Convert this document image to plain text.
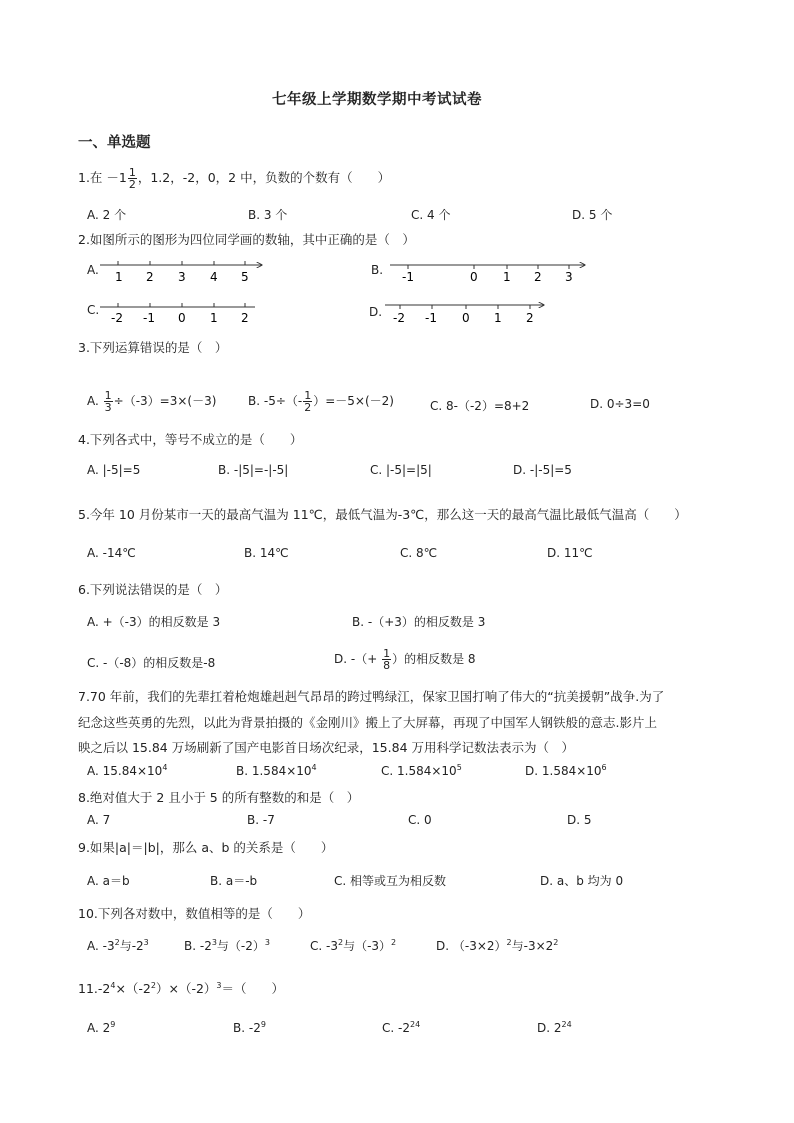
七年级上学期数学期中考试试卷
一、单选题
1.在 $-1 \frac{1}{2}$ ，1.2，-2，0，2 中，负数的个数有（　　）
A. 2 个	B. 3 个	C. 4 个	D. 5 个
2.如图所示的图形为四位同学画的数轴，其中正确的是（　）
A. 1 2 3 4 5	B. -1	0 1 2 3
C.
-2 -1 0 1 2	D. -2 -1 0 1 2
3.下列运算错误的是（　）
A. $\frac{1}{3} \div(-3)=3\times(-3)$	B. $-5\div(- \frac{1}{2} )=-5\times(-2)$	C. 8-（-2）=8+2	D. 0÷3=0
4.下列各式中，等号不成立的是（　　）
A. |-5|=5	B. -|5|=-|-5|	C. |-5|=|5|	D. -|-5|=5
5.今年 10 月份某市一天的最高气温为 11℃，最低气温为-3℃，那么这一天的最高气温比最低气温高（　　）
A. -14℃	B. 14℃	C. 8℃	D. 11℃
6.下列说法错误的是（　）
A. +（-3）的相反数是 3	B. -（+3）的相反数是 3
C. -（-8）的相反数是-8	D. -（+ $\frac{1}{8}$ ）的相反数是 8
7.70 年前，我们的先辈扛着枪炮雄赳赳气昂昂的跨过鸭绿江，保家卫国打响了伟大的“抗美援朝”战争.为了
纪念这些英勇的先烈，以此为背景拍摄的《金刚川》搬上了大屏幕，再现了中国军人钢铁般的意志.影片上
映之后以 15.84 万场刷新了国产电影首日场次纪录，15.84 万用科学记数法表示为（　）
A. $15.84\times 10^4$	B. $1.584\times 10^4$	C. $1.584\times 10^5$	D. $1.584\times 10^6$
8.绝对值大于 2 且小于 5 的所有整数的和是（　）
A. 7	B. -7	C. 0	D. 5
9.如果|a|＝|b|，那么 a、b 的关系是（　　）
A. a＝b	B. a＝-b	C. 相等或互为相反数	D. a、b 均为 0
10.下列各对数中，数值相等的是（　　）
A. $-3^2$与$-2^3$	B. $-2^3$与$(-2)^3$	C. $-3^2$与$(-3)^2$	D. $(-3\times 2)^2$与$-3\times 2^2$
$11.-2^4\times(-2^2)\times(-2)^3=$（　　）
A. $2^9$	B. $-2^9$	C. $-2^{24}$	D. $2^{24}$
